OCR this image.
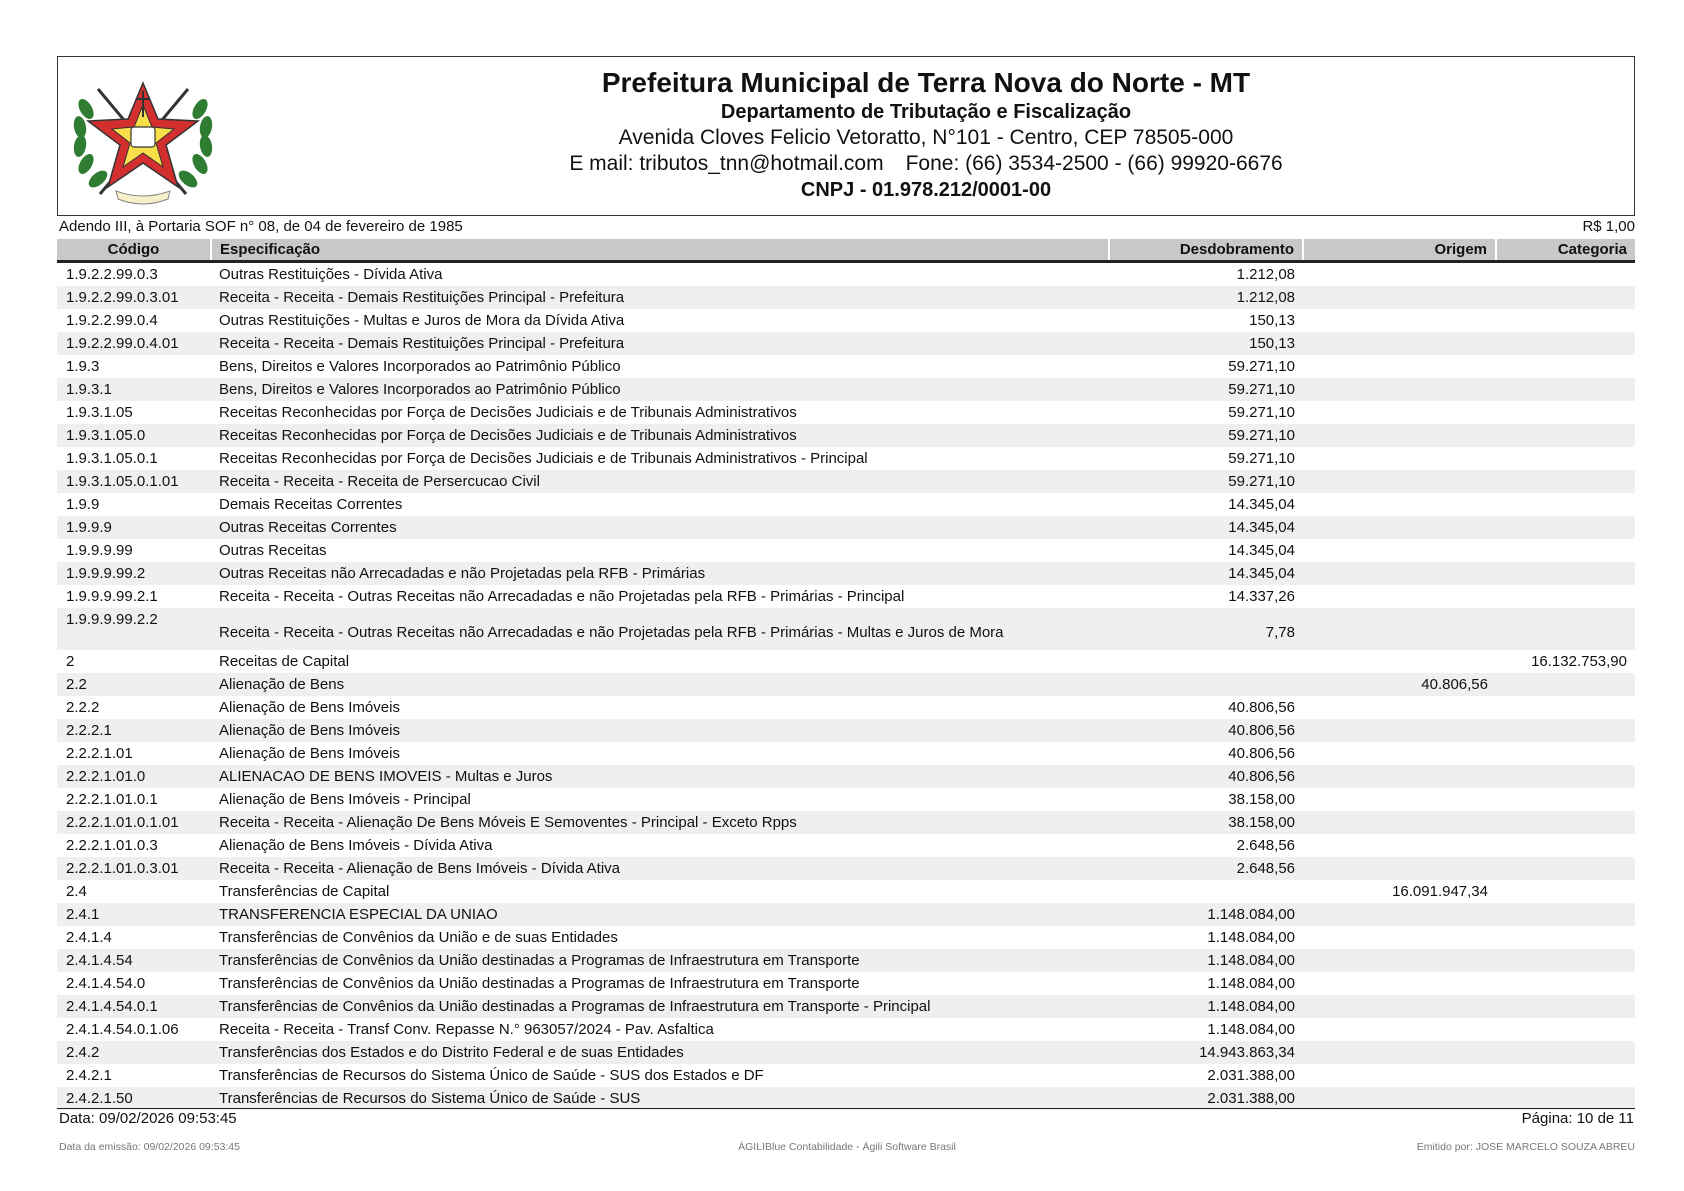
Prefeitura Municipal de Terra Nova do Norte - MT
Departamento de Tributação e Fiscalização
Avenida Cloves Felicio Vetoratto, N°101 - Centro, CEP 78505-000
E mail: tributos_tnn@hotmail.com Fone: (66) 3534-2500 - (66) 99920-6676
CNPJ - 01.978.212/0001-00
Adendo III, à Portaria SOF n° 08, de 04 de fevereiro de 1985	R$ 1,00
Código	Especificação	Desdobramento	Origem	Categoria
1.9.2.2.99.0.3	Outras Restituições - Dívida Ativa	1.212,08		
1.9.2.2.99.0.3.01	Receita - Receita - Demais Restituições Principal - Prefeitura	1.212,08		
1.9.2.2.99.0.4	Outras Restituições - Multas e Juros de Mora da Dívida Ativa	150,13		
1.9.2.2.99.0.4.01	Receita - Receita - Demais Restituições Principal - Prefeitura	150,13		
1.9.3	Bens, Direitos e Valores Incorporados ao Patrimônio Público	59.271,10		
1.9.3.1	Bens, Direitos e Valores Incorporados ao Patrimônio Público	59.271,10		
1.9.3.1.05	Receitas Reconhecidas por Força de Decisões Judiciais e de Tribunais Administrativos	59.271,10		
1.9.3.1.05.0	Receitas Reconhecidas por Força de Decisões Judiciais e de Tribunais Administrativos	59.271,10		
1.9.3.1.05.0.1	Receitas Reconhecidas por Força de Decisões Judiciais e de Tribunais Administrativos - Principal	59.271,10		
1.9.3.1.05.0.1.01	Receita - Receita - Receita de Persercucao Civil	59.271,10		
1.9.9	Demais Receitas Correntes	14.345,04		
1.9.9.9	Outras Receitas Correntes	14.345,04		
1.9.9.9.99	Outras Receitas	14.345,04		
1.9.9.9.99.2	Outras Receitas não Arrecadadas e não Projetadas pela RFB - Primárias	14.345,04		
1.9.9.9.99.2.1	Receita - Receita - Outras Receitas não Arrecadadas e não Projetadas pela RFB - Primárias - Principal	14.337,26		
1.9.9.9.99.2.2	Receita - Receita - Outras Receitas não Arrecadadas e não Projetadas pela RFB - Primárias - Multas e Juros de Mora	7,78		
2	Receitas de Capital			16.132.753,90
2.2	Alienação de Bens		40.806,56	
2.2.2	Alienação de Bens Imóveis	40.806,56		
2.2.2.1	Alienação de Bens Imóveis	40.806,56		
2.2.2.1.01	Alienação de Bens Imóveis	40.806,56		
2.2.2.1.01.0	ALIENACAO DE BENS IMOVEIS - Multas e Juros	40.806,56		
2.2.2.1.01.0.1	Alienação de Bens Imóveis - Principal	38.158,00		
2.2.2.1.01.0.1.01	Receita - Receita - Alienação De Bens Móveis E Semoventes - Principal - Exceto Rpps	38.158,00		
2.2.2.1.01.0.3	Alienação de Bens Imóveis - Dívida Ativa	2.648,56		
2.2.2.1.01.0.3.01	Receita - Receita - Alienação de Bens Imóveis - Dívida Ativa	2.648,56		
2.4	Transferências de Capital		16.091.947,34	
2.4.1	TRANSFERENCIA ESPECIAL DA UNIAO	1.148.084,00		
2.4.1.4	Transferências de Convênios da União e de suas Entidades	1.148.084,00		
2.4.1.4.54	Transferências de Convênios da União destinadas a Programas de Infraestrutura em Transporte	1.148.084,00		
2.4.1.4.54.0	Transferências de Convênios da União destinadas a Programas de Infraestrutura em Transporte	1.148.084,00		
2.4.1.4.54.0.1	Transferências de Convênios da União destinadas a Programas de Infraestrutura em Transporte - Principal	1.148.084,00		
2.4.1.4.54.0.1.06	Receita - Receita - Transf Conv. Repasse N.° 963057/2024 - Pav. Asfaltica	1.148.084,00		
2.4.2	Transferências dos Estados e do Distrito Federal e de suas Entidades	14.943.863,34		
2.4.2.1	Transferências de Recursos do Sistema Único de Saúde - SUS dos Estados e DF	2.031.388,00		
2.4.2.1.50	Transferências de Recursos do Sistema Único de Saúde - SUS	2.031.388,00		
Data: 09/02/2026 09:53:45	Página: 10 de 11
Data da emissão: 09/02/2026 09:53:45	ÁGILIBlue Contabilidade - Ágili Software Brasil	Emitido por: JOSE MARCELO SOUZA ABREU
